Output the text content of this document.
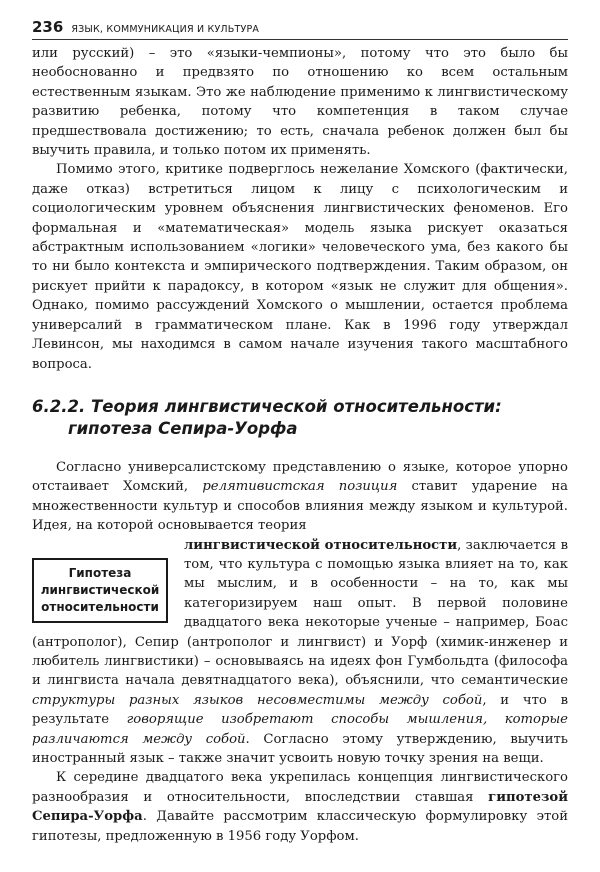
236 ЯЗЫК, КОММУНИКАЦИЯ И КУЛЬТУРА

или русский) – это «языки-чемпионы», потому что это было бы необоснованно и предвзято по отношению ко всем остальным естественным языкам. Это же наблюдение применимо к лингвистическому развитию ребенка, потому что компетенция в таком случае предшествовала достижению; то есть, сначала ребенок должен был бы выучить правила, и только потом их применять.

Помимо этого, критике подверглось нежелание Хомского (фактически, даже отказ) встретиться лицом к лицу с психологическим и социологическим уровнем объяснения лингвистических феноменов. Его формальная и «математическая» модель языка рискует оказаться абстрактным использованием «логики» человеческого ума, без какого бы то ни было контекста и эмпирического подтверждения. Таким образом, он рискует прийти к парадоксу, в котором «язык не служит для общения». Однако, помимо рассуждений Хомского о мышлении, остается проблема универсалий в грамматическом плане. Как в 1996 году утверждал Левинсон, мы находимся в самом начале изучения такого масштабного вопроса.

6.2.2. Теория лингвистической относительности: гипотеза Сепира-Уорфа

Согласно универсалистскому представлению о языке, которое упорно отстаивает Хомский, релятивистская позиция ставит ударение на множественности культур и способов влияния между языком и культурой. Идея, на которой основывается теория

Гипотеза лингвистической относительности

лингвистической относительности, заключается в том, что культура с помощью языка влияет на то, как мы мыслим, и в особенности – на то, как мы категоризируем наш опыт. В первой половине двадцатого века некоторые ученые – например, Боас (антрополог), Сепир (антрополог и лингвист) и Уорф (химик-инженер и любитель лингвистики) – основываясь на идеях фон Гумбольдта (философа и лингвиста начала девятнадцатого века), объяснили, что семантические структуры разных языков несовместимы между собой, и что в результате говорящие изобретают способы мышления, которые различаются между собой. Согласно этому утверждению, выучить иностранный язык – также значит усвоить новую точку зрения на вещи.

К середине двадцатого века укрепилась концепция лингвистического разнообразия и относительности, впоследствии ставшая гипотезой Сепира-Уорфа. Давайте рассмотрим классическую формулировку этой гипотезы, предложенную в 1956 году Уорфом.
